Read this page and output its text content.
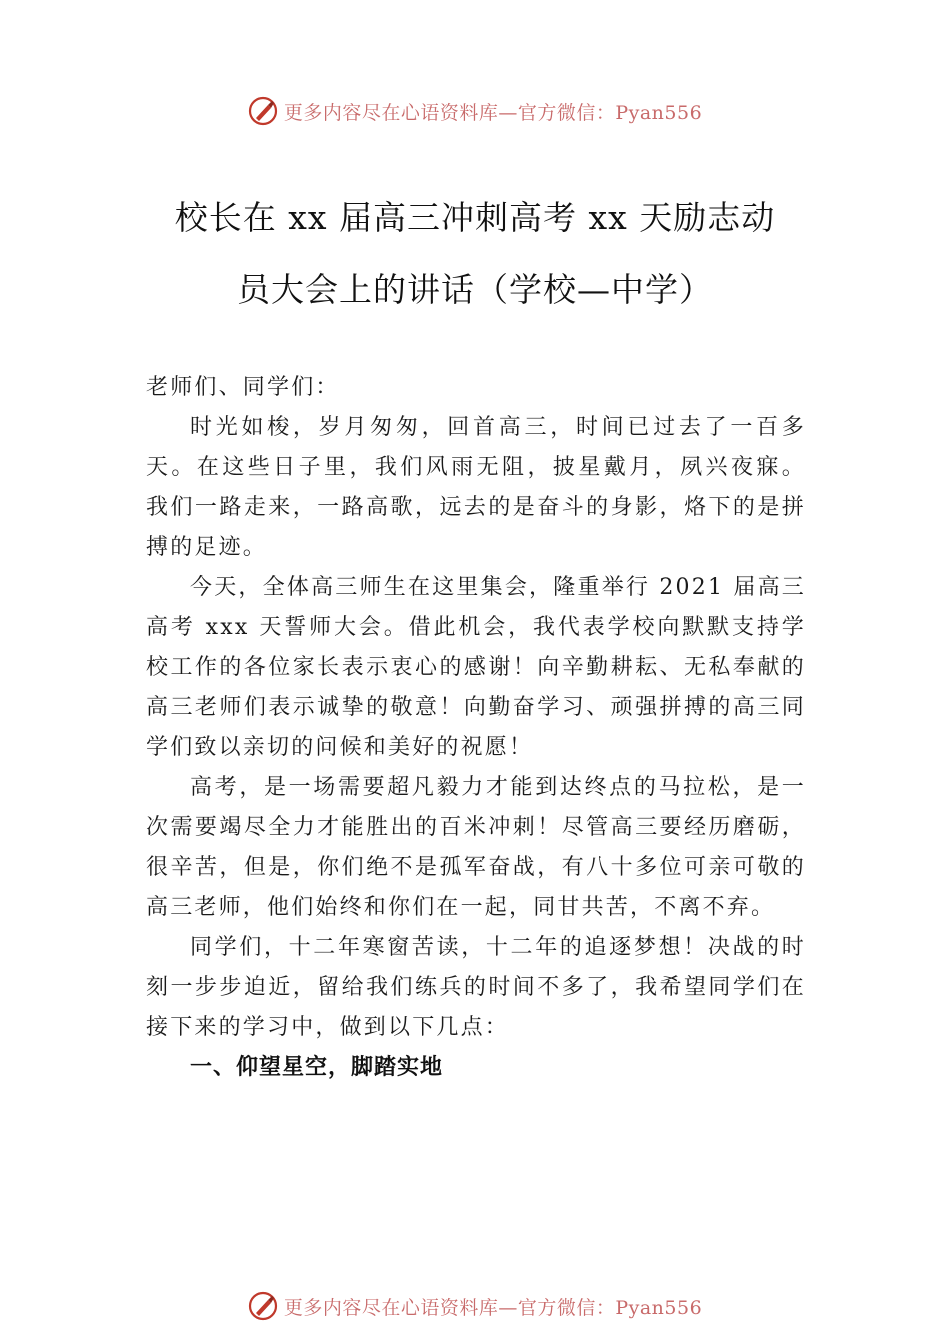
更多内容尽在心语资料库—官方微信：Pyan556
校长在 xx 届高三冲刺高考 xx 天励志动
员大会上的讲话（学校—中学）

老师们、同学们：

时光如梭，岁月匆匆，回首高三，时间已过去了一百多天。在这些日子里，我们风雨无阻，披星戴月，夙兴夜寐。 我们一路走来，一路高歌，远去的是奋斗的身影，烙下的是拼搏的足迹。

今天，全体高三师生在这里集会，隆重举行 2021 届高三高考 xxx 天誓师大会。借此机会，我代表学校向默默支持学校工作的各位家长表示衷心的感谢！向辛勤耕耘、无私奉献的高三老师们表示诚挚的敬意！向勤奋学习、顽强拼搏的高三同学们致以亲切的问候和美好的祝愿！

高考，是一场需要超凡毅力才能到达终点的马拉松，是一次需要竭尽全力才能胜出的百米冲刺！尽管高三要经历磨砺，很辛苦，但是，你们绝不是孤军奋战，有八十多位可亲可敬的高三老师，他们始终和你们在一起，同甘共苦，不离不弃。

同学们，十二年寒窗苦读，十二年的追逐梦想！决战的时刻一步步迫近，留给我们练兵的时间不多了，我希望同学们在接下来的学习中，做到以下几点：

一、仰望星空，脚踏实地
更多内容尽在心语资料库—官方微信：Pyan556
